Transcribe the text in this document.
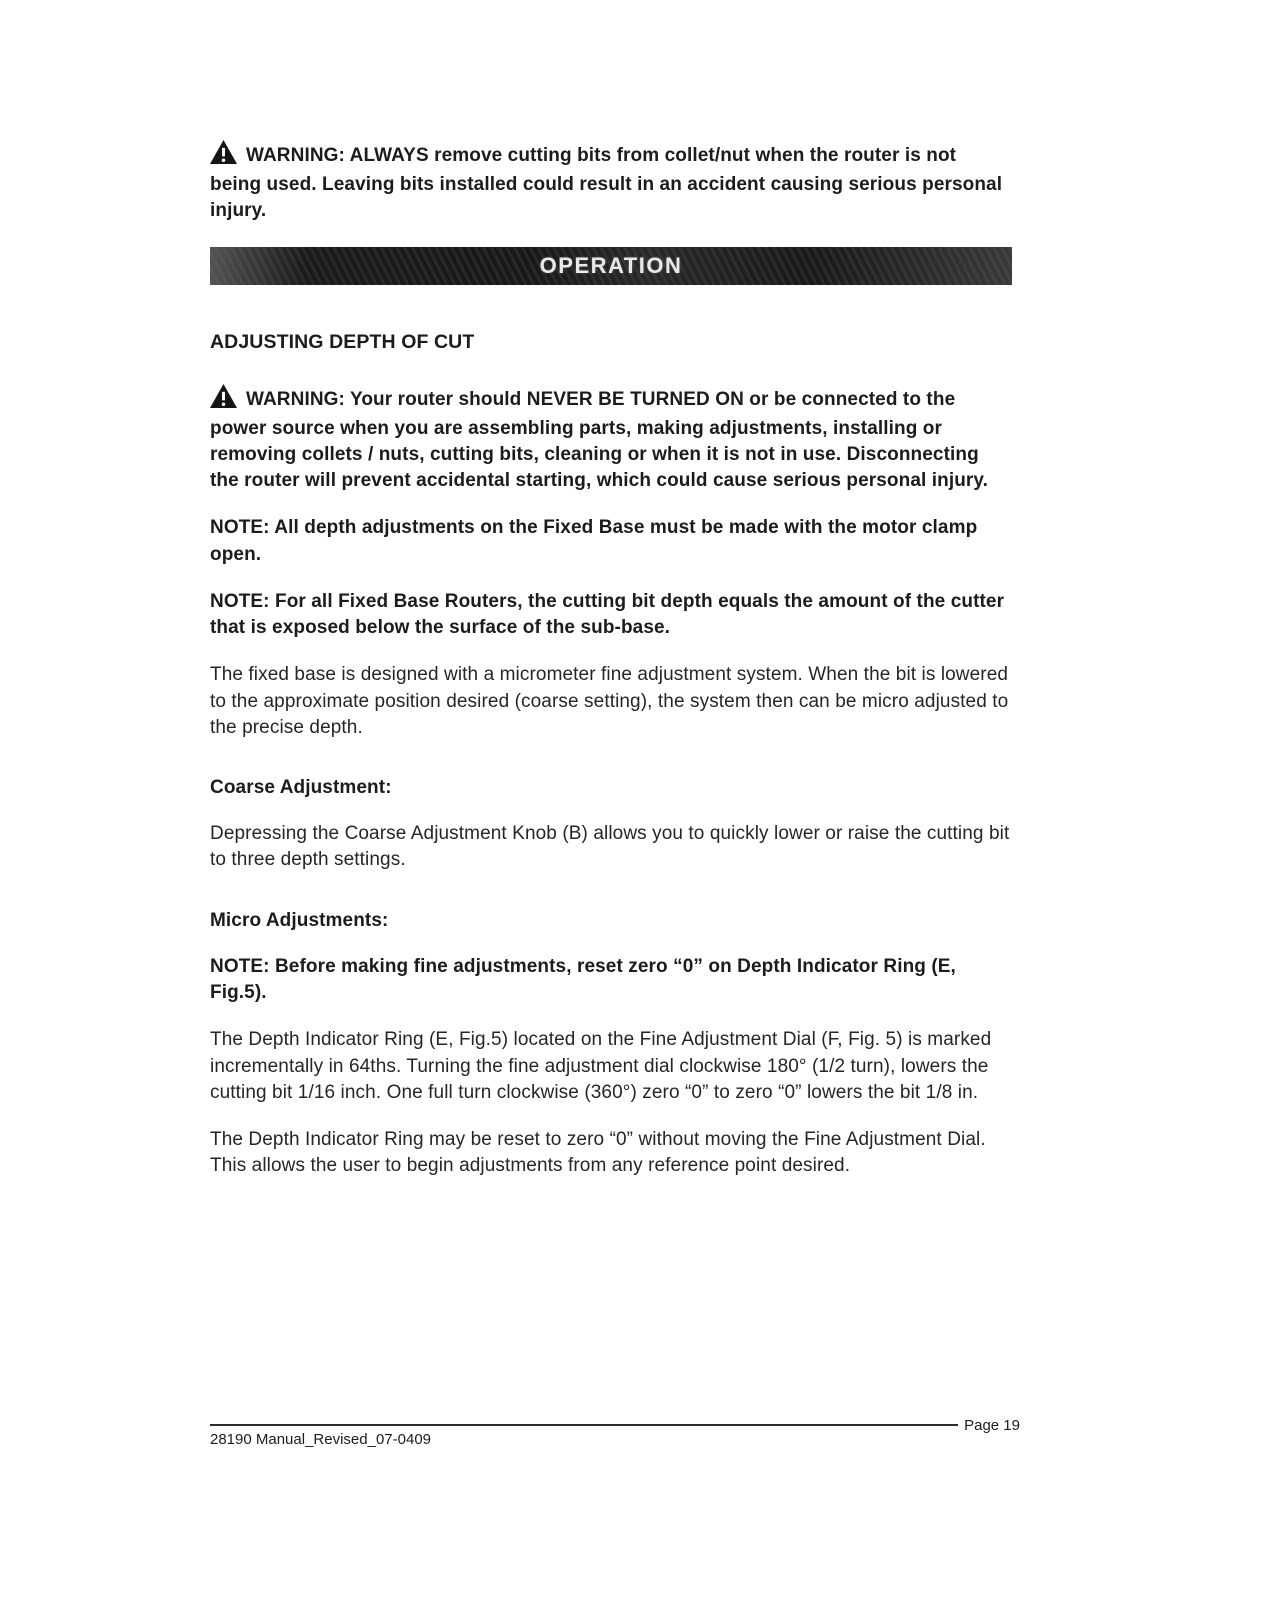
WARNING: ALWAYS remove cutting bits from collet/nut when the router is not being used. Leaving bits installed could result in an accident causing serious personal injury.

OPERATION
ADJUSTING DEPTH OF CUT

WARNING: Your router should NEVER BE TURNED ON or be connected to the power source when you are assembling parts, making adjustments, installing or removing collets / nuts, cutting bits, cleaning or when it is not in use. Disconnecting the router will prevent accidental starting, which could cause serious personal injury.

NOTE: All depth adjustments on the Fixed Base must be made with the motor clamp open.

NOTE: For all Fixed Base Routers, the cutting bit depth equals the amount of the cutter that is exposed below the surface of the sub-base.

The fixed base is designed with a micrometer fine adjustment system. When the bit is lowered to the approximate position desired (coarse setting), the system then can be micro adjusted to the precise depth.

Coarse Adjustment:

Depressing the Coarse Adjustment Knob (B) allows you to quickly lower or raise the cutting bit to three depth settings.

Micro Adjustments:

NOTE: Before making fine adjustments, reset zero “0” on Depth Indicator Ring (E, Fig.5).

The Depth Indicator Ring (E, Fig.5) located on the Fine Adjustment Dial (F, Fig. 5) is marked incrementally in 64ths. Turning the fine adjustment dial clockwise 180° (1/2 turn), lowers the cutting bit 1/16 inch. One full turn clockwise (360°) zero “0” to zero “0” lowers the bit 1/8 in.

The Depth Indicator Ring may be reset to zero “0” without moving the Fine Adjustment Dial. This allows the user to begin adjustments from any reference point desired.

28190 Manual_Revised_07-0409
Page 19
